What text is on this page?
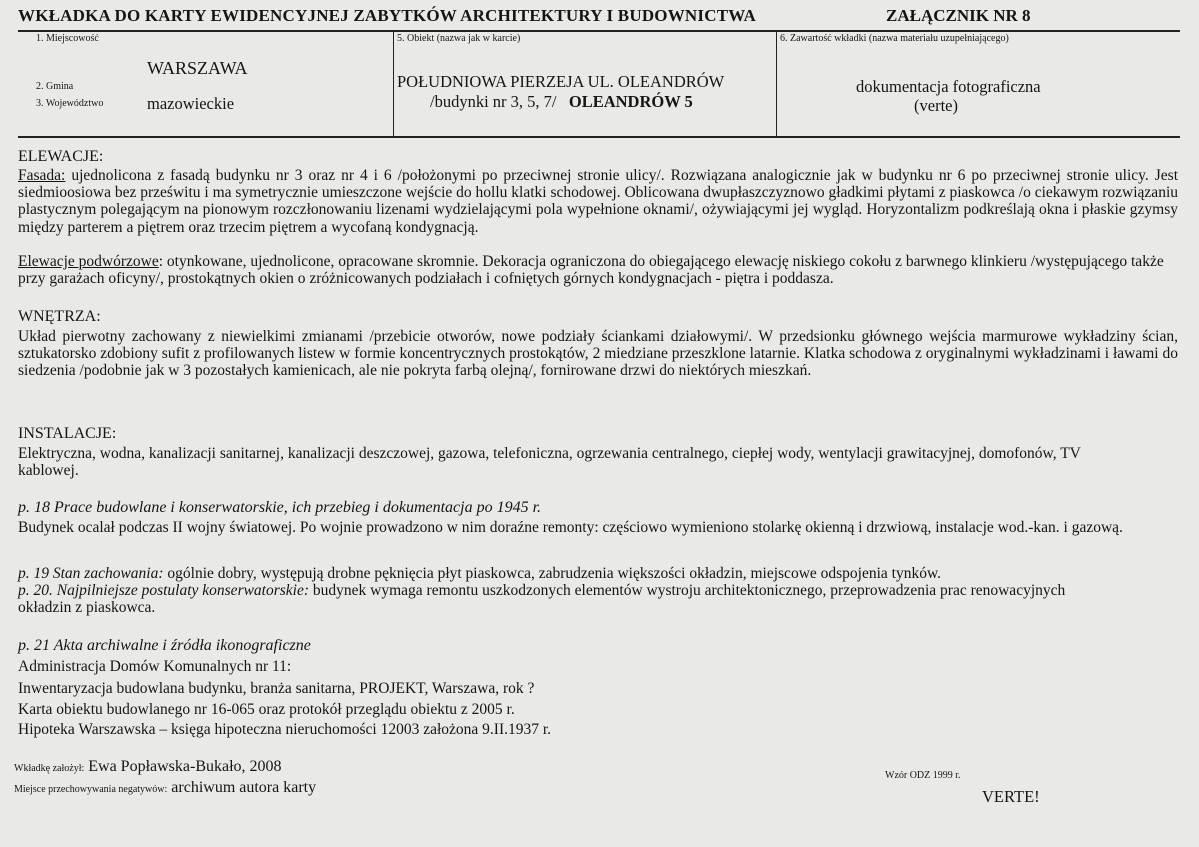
WKŁADKA DO KARTY EWIDENCYJNEJ ZABYTKÓW ARCHITEKTURY I BUDOWNICTWA	ZAŁĄCZNIK NR 8
1. Miejscowość
WARSZAWA
2. Gmina
3. Województwo	mazowieckie
5. Obiekt (nazwa jak w karcie)
POŁUDNIOWA PIERZEJA UL. OLEANDRÓW
/budynki nr 3, 5, 7/ OLEANDRÓW 5
6. Zawartość wkładki (nazwa materiału uzupełniającego)
dokumentacja fotograficzna
(verte)
ELEWACJE:
Fasada: ujednolicona z fasadą budynku nr 3 oraz nr 4 i 6 /położonymi po przeciwnej stronie ulicy/. Rozwiązana analogicznie jak w budynku nr 6 po przeciwnej stronie ulicy. Jest siedmioosiowa bez prześwitu i ma symetrycznie umieszczone wejście do hollu klatki schodowej. Oblicowana dwupłaszczyznowo gładkimi płytami z piaskowca /o ciekawym rozwiązaniu plastycznym polegającym na pionowym rozczłonowaniu lizenami wydzielającymi pola wypełnione oknami/, ożywiającymi jej wygląd. Horyzontalizm podkreślają okna i płaskie gzymsy między parterem a piętrem oraz trzecim piętrem a wycofaną kondygnacją.
Elewacje podwórzowe: otynkowane, ujednolicone, opracowane skromnie. Dekoracja ograniczona do obiegającego elewację niskiego cokołu z barwnego klinkieru /występującego także przy garażach oficyny/, prostokątnych okien o zróżnicowanych podziałach i cofniętych górnych kondygnacjach - piętra i poddasza.
WNĘTRZA:
Układ pierwotny zachowany z niewielkimi zmianami /przebicie otworów, nowe podziały ściankami działowymi/. W przedsionku głównego wejścia marmurowe wykładziny ścian, sztukatorsko zdobiony sufit z profilowanych listew w formie koncentrycznych prostokątów, 2 miedziane przeszklone latarnie. Klatka schodowa z oryginalnymi wykładzinami i ławami do siedzenia /podobnie jak w 3 pozostałych kamienicach, ale nie pokryta farbą olejną/, fornirowane drzwi do niektórych mieszkań.
INSTALACJE:
Elektryczna, wodna, kanalizacji sanitarnej, kanalizacji deszczowej, gazowa, telefoniczna, ogrzewania centralnego, ciepłej wody, wentylacji grawitacyjnej, domofonów, TV kablowej.
p. 18 Prace budowlane i konserwatorskie, ich przebieg i dokumentacja po 1945 r.
Budynek ocalał podczas II wojny światowej. Po wojnie prowadzono w nim doraźne remonty: częściowo wymieniono stolarkę okienną i drzwiową, instalacje wod.-kan. i gazową.
p. 19 Stan zachowania: ogólnie dobry, występują drobne pęknięcia płyt piaskowca, zabrudzenia większości okładzin, miejscowe odspojenia tynków.
p. 20. Najpilniejsze postulaty konserwatorskie: budynek wymaga remontu uszkodzonych elementów wystroju architektonicznego, przeprowadzenia prac renowacyjnych okładzin z piaskowca.
p. 21 Akta archiwalne i źródła ikonograficzne
Administracja Domów Komunalnych nr 11:
Inwentaryzacja budowlana budynku, branża sanitarna, PROJEKT, Warszawa, rok ?
Karta obiektu budowlanego nr 16-065 oraz protokół przeglądu obiektu z 2005 r.
Hipoteka Warszawska – księga hipoteczna nieruchomości 12003 założona 9.II.1937 r.
Wkładkę założył: Ewa Popławska-Bukało, 2008
Miejsce przechowywania negatywów: archiwum autora karty
Wzór ODZ 1999 r.
VERTE!
